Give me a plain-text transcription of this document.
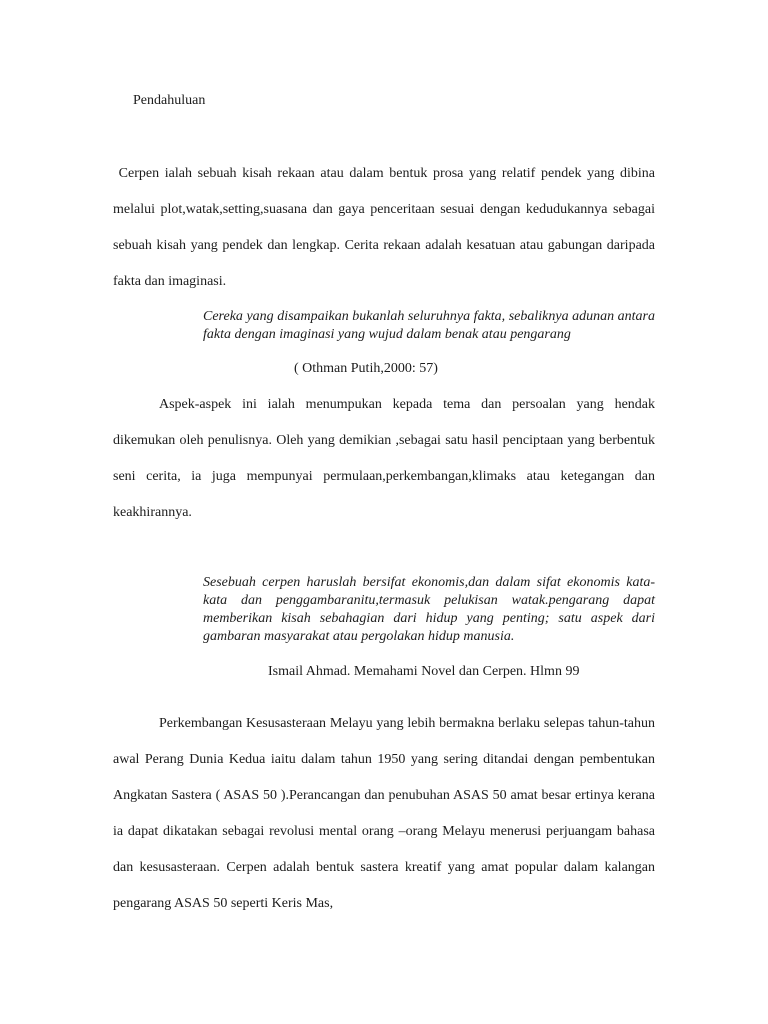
Pendahuluan

Cerpen ialah sebuah kisah rekaan atau dalam bentuk prosa yang relatif pendek yang dibina melalui plot,watak,setting,suasana dan gaya penceritaan sesuai dengan kedudukannya sebagai sebuah kisah yang pendek dan lengkap. Cerita rekaan adalah kesatuan atau gabungan daripada fakta dan imaginasi.

Cereka yang disampaikan bukanlah seluruhnya fakta, sebaliknya adunan antara fakta dengan imaginasi yang wujud dalam benak atau pengarang

( Othman Putih,2000: 57)

Aspek-aspek ini ialah menumpukan kepada tema dan persoalan yang hendak dikemukan oleh penulisnya. Oleh yang demikian ,sebagai satu hasil penciptaan yang berbentuk seni cerita, ia juga mempunyai permulaan,perkembangan,klimaks atau ketegangan dan keakhirannya.

Sesebuah cerpen haruslah bersifat ekonomis,dan dalam sifat ekonomis kata-kata dan penggambaranitu,termasuk pelukisan watak.pengarang dapat memberikan kisah sebahagian dari hidup yang penting; satu aspek dari gambaran masyarakat atau pergolakan hidup manusia.

Ismail Ahmad. Memahami Novel dan Cerpen. Hlmn 99

Perkembangan Kesusasteraan Melayu yang lebih bermakna berlaku selepas tahun-tahun awal Perang Dunia Kedua iaitu dalam tahun 1950 yang sering ditandai dengan pembentukan Angkatan Sastera ( ASAS 50 ).Perancangan dan penubuhan ASAS 50 amat besar ertinya kerana ia dapat dikatakan sebagai revolusi mental orang –orang Melayu menerusi perjuangam bahasa dan kesusasteraan. Cerpen adalah bentuk sastera kreatif yang amat popular dalam kalangan pengarang ASAS 50 seperti Keris Mas,
